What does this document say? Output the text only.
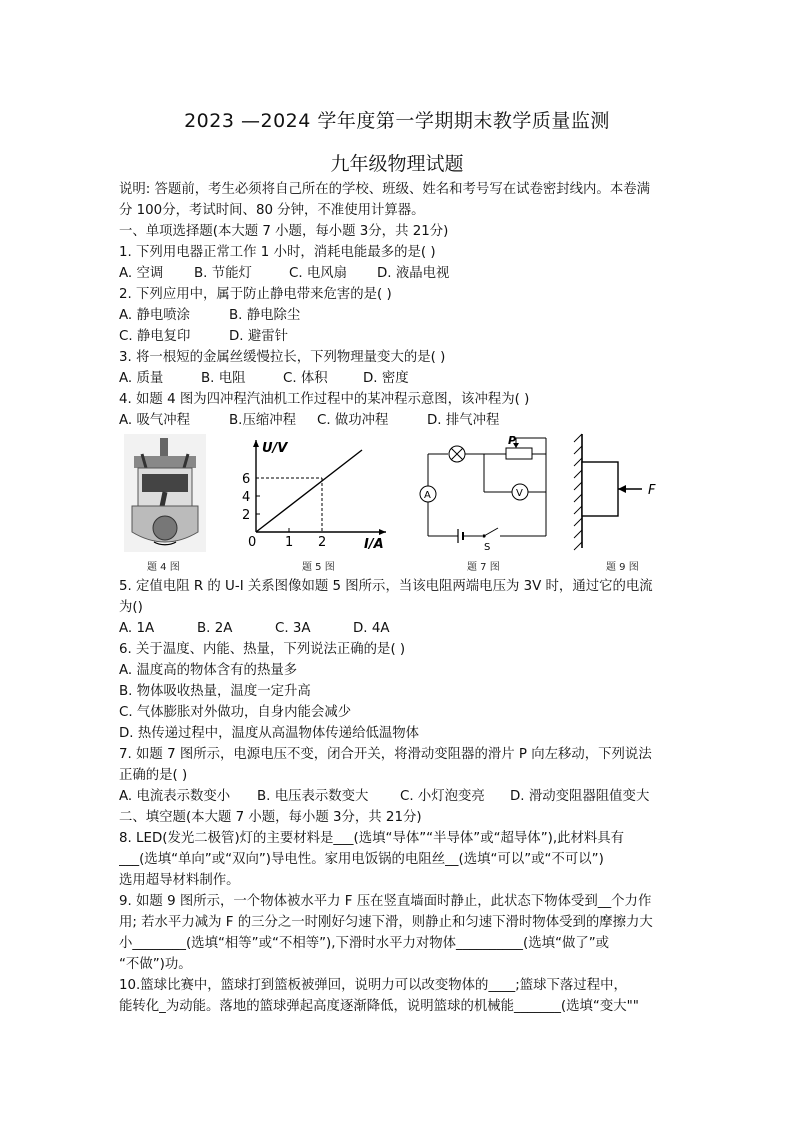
2023 —2024 学年度第一学期期末教学质量监测
九年级物理试题
说明: 答题前，考生必须将自己所在的学校、班级、姓名和考号写在试卷密封线内。本卷满
分 100分，考试时间、80 分钟，不准使用计算器。
一、单项选择题(本大题 7 小题，每小题 3分，共 21分)
1. 下列用电器正常工作 1 小时，消耗电能最多的是( )
A. 空调 B. 节能灯	C. 电风扇 D. 液晶电视
2. 下列应用中，属于防止静电带来危害的是( )
A. 静电喷涂	B. 静电除尘
C. 静电复印	D. 避雷针
3. 将一根短的金属丝缓慢拉长，下列物理量变大的是( )
A. 质量	B. 电阻	C. 体积	D. 密度
4. 如题 4 图为四冲程汽油机工作过程中的某冲程示意图，该冲程为( )
A. 吸气冲程	B.压缩冲程 C. 做功冲程	D. 排气冲程
题 4 图
U/V
I/A
6
4
2
0 1 2
题 5 图
P
V
A
S
题 7 图
F
题 9 图
5. 定值电阻 R 的 U-I 关系图像如题 5 图所示，当该电阻两端电压为 3V 时，通过它的电流
为()
A. 1A	B. 2A	C. 3A	D. 4A
6. 关于温度、内能、热量，下列说法正确的是( )
A. 温度高的物体含有的热量多
B. 物体吸收热量，温度一定升高
C. 气体膨胀对外做功，自身内能会减少
D. 热传递过程中，温度从高温物体传递给低温物体
7. 如题 7 图所示，电源电压不变，闭合开关，将滑动变阻器的滑片 P 向左移动，下列说法
正确的是( )
A. 电流表示数变小 B. 电压表示数变大 C. 小灯泡变亮 D. 滑动变阻器阻值变大
二、填空题(本大题 7 小题，每小题 3分，共 21分)
8. LED(发光二极管)灯的主要材料是___(选填“导体”“半导体”或“超导体”),此材料具有
___(选填“单向”或“双向”)导电性。家用电饭锅的电阻丝__(选填“可以”或“不可以”)
选用超导材料制作。
9. 如题 9 图所示，一个物体被水平力 F 压在竖直墙面时静止，此状态下物体受到__个力作
用; 若水平力减为 F 的三分之一时刚好匀速下滑，则静止和匀速下滑时物体受到的摩擦力大
小________(选填“相等”或“不相等”),下滑时水平力对物体__________(选填“做了”或
“不做”)功。
10.篮球比赛中，篮球打到篮板被弹回，说明力可以改变物体的____;篮球下落过程中，
能转化_为动能。落地的篮球弹起高度逐渐降低，说明篮球的机械能_______(选填“变大""
